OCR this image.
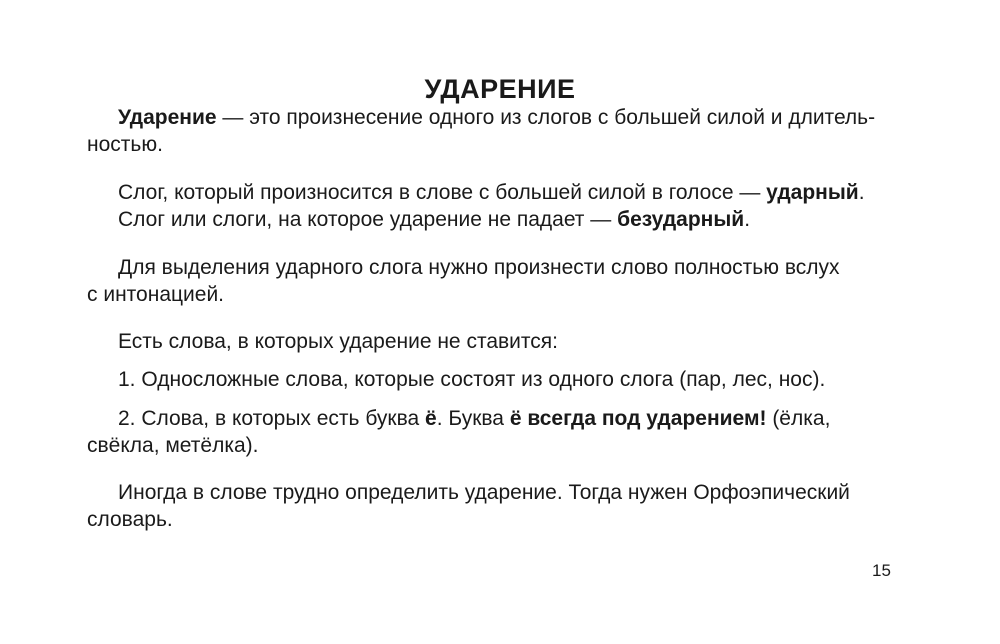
УДАРЕНИЕ
Ударение — это произнесение одного из слогов с большей силой и длитель-
ностью.
Слог, который произносится в слове с большей силой в голосе — ударный.
Слог или слоги, на которое ударение не падает — безударный.
Для выделения ударного слога нужно произнести слово полностью вслух
с интонацией.
Есть слова, в которых ударение не ставится:
1. Односложные слова, которые состоят из одного слога (пар, лес, нос).
2. Слова, в которых есть буква ё. Буква ё всегда под ударением! (ёлка,
свёкла, метёлка).
Иногда в слове трудно определить ударение. Тогда нужен Орфоэпический
словарь.
15
